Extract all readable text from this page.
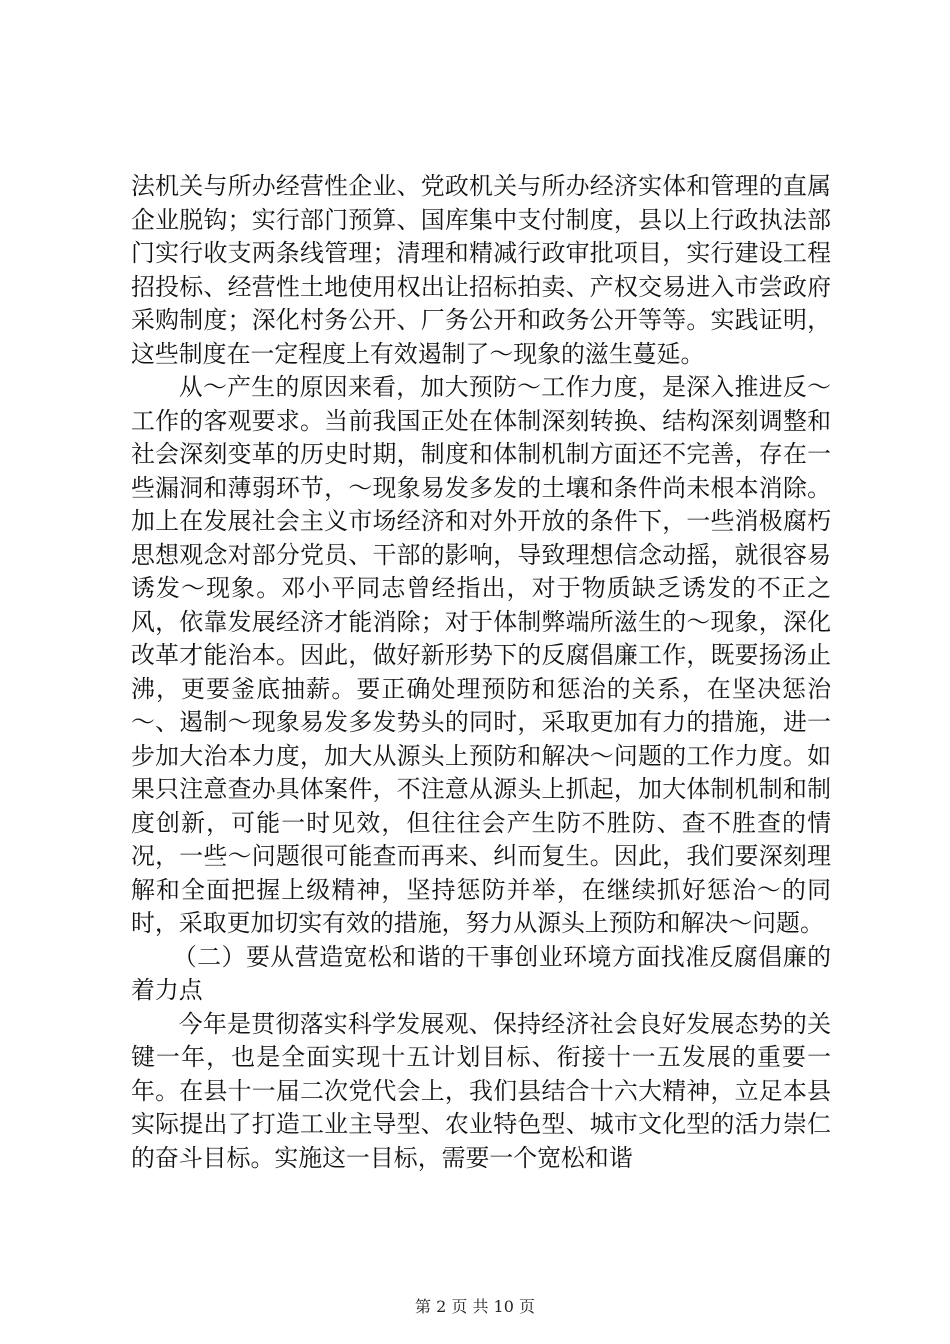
法机关与所办经营性企业、党政机关与所办经济实体和管理的直属企业脱钩；实行部门预算、国库集中支付制度，县以上行政执法部门实行收支两条线管理；清理和精减行政审批项目，实行建设工程招投标、经营性土地使用权出让招标拍卖、产权交易进入市尝政府采购制度；深化村务公开、厂务公开和政务公开等等。实践证明，这些制度在一定程度上有效遏制了～现象的滋生蔓延。

从～产生的原因来看，加大预防～工作力度，是深入推进反～工作的客观要求。当前我国正处在体制深刻转换、结构深刻调整和社会深刻变革的历史时期，制度和体制机制方面还不完善，存在一些漏洞和薄弱环节，～现象易发多发的土壤和条件尚未根本消除。加上在发展社会主义市场经济和对外开放的条件下，一些消极腐朽思想观念对部分党员、干部的影响，导致理想信念动摇，就很容易诱发～现象。邓小平同志曾经指出，对于物质缺乏诱发的不正之风，依靠发展经济才能消除；对于体制弊端所滋生的～现象，深化改革才能治本。因此，做好新形势下的反腐倡廉工作，既要扬汤止沸，更要釜底抽薪。要正确处理预防和惩治的关系，在坚决惩治～、遏制～现象易发多发势头的同时，采取更加有力的措施，进一步加大治本力度，加大从源头上预防和解决～问题的工作力度。如果只注意查办具体案件，不注意从源头上抓起，加大体制机制和制度创新，可能一时见效，但往往会产生防不胜防、查不胜查的情况，一些～问题很可能查而再来、纠而复生。因此，我们要深刻理解和全面把握上级精神，坚持惩防并举，在继续抓好惩治～的同时，采取更加切实有效的措施，努力从源头上预防和解决～问题。

（二）要从营造宽松和谐的干事创业环境方面找准反腐倡廉的着力点

今年是贯彻落实科学发展观、保持经济社会良好发展态势的关键一年，也是全面实现十五计划目标、衔接十一五发展的重要一年。在县十一届二次党代会上，我们县结合十六大精神，立足本县实际提出了打造工业主导型、农业特色型、城市文化型的活力崇仁的奋斗目标。实施这一目标，需要一个宽松和谐

第 2 页 共 10 页
